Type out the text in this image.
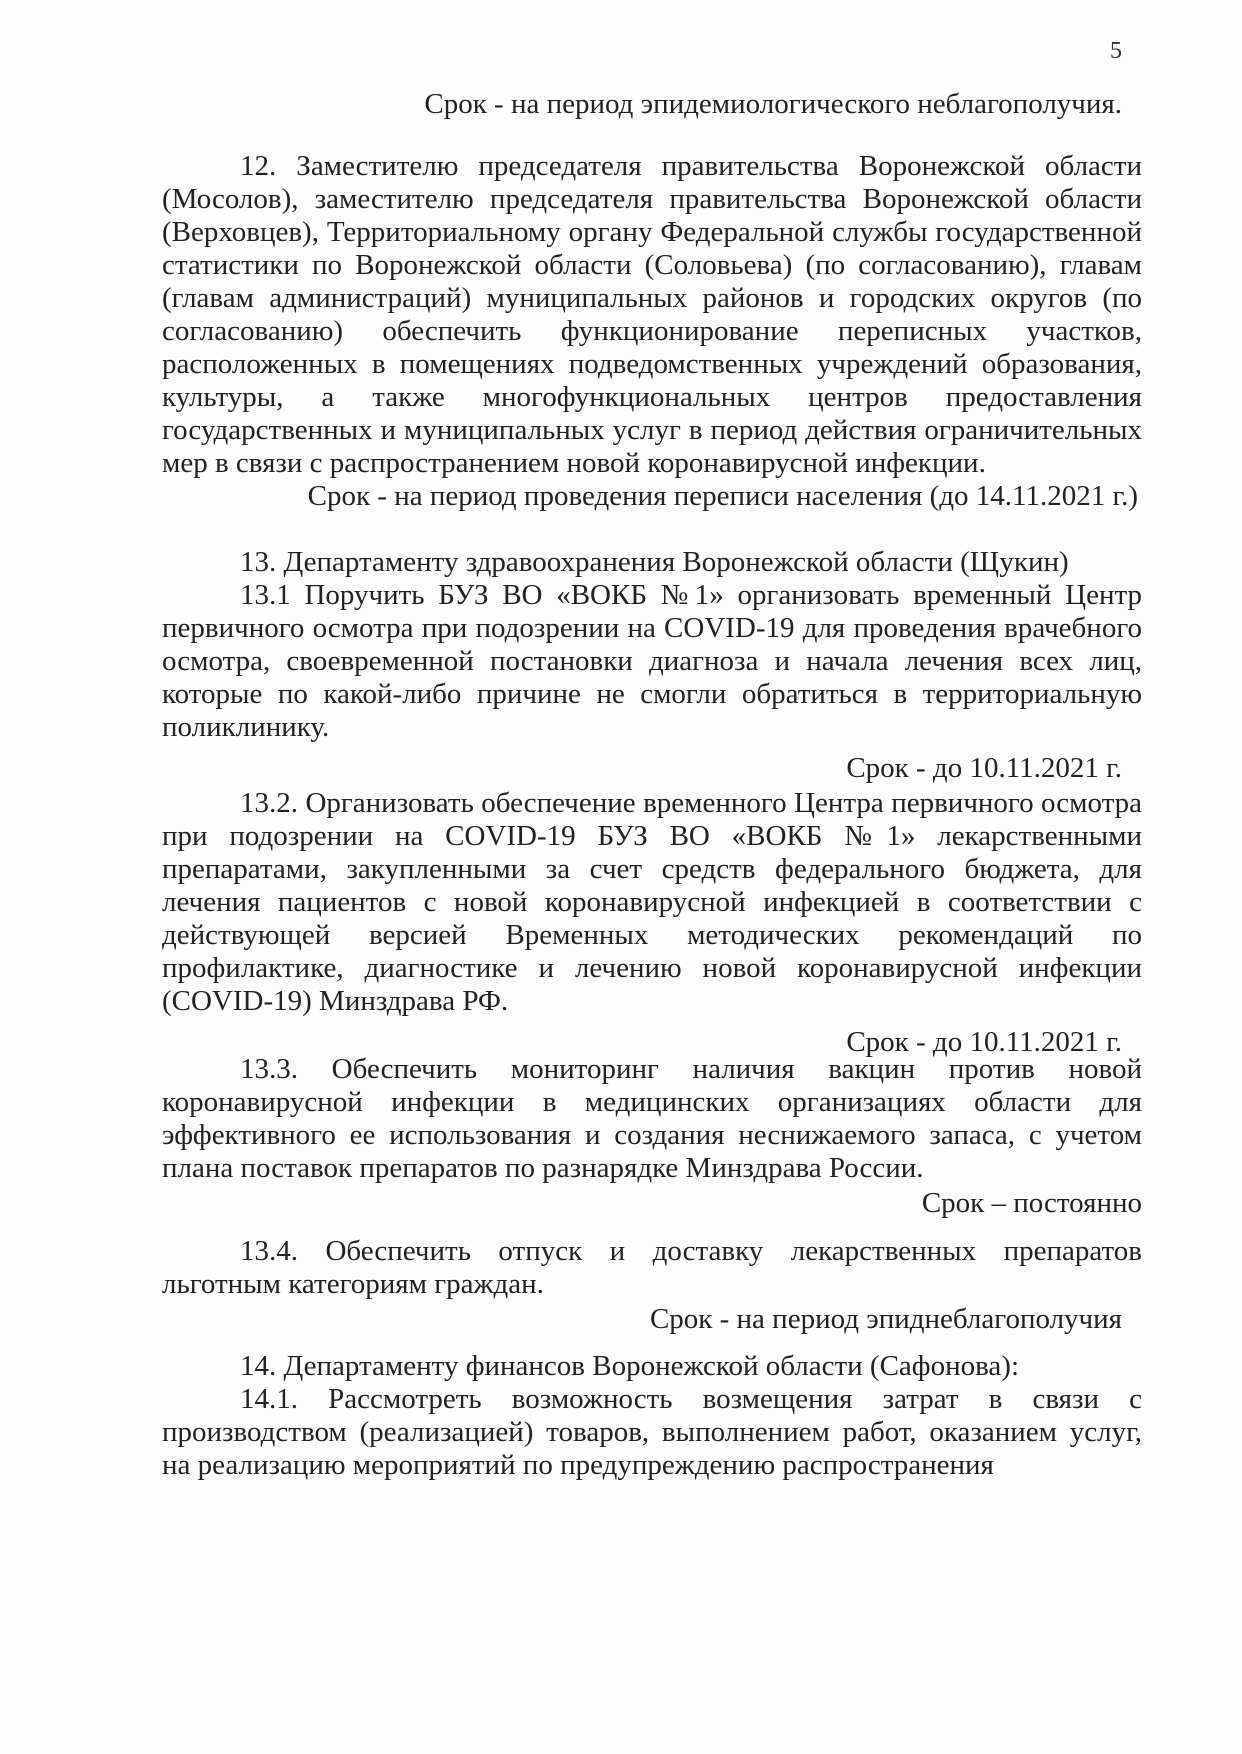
5

Срок - на период эпидемиологического неблагополучия.

12. Заместителю председателя правительства Воронежской области (Мосолов), заместителю председателя правительства Воронежской области (Верховцев), Территориальному органу Федеральной службы государственной статистики по Воронежской области (Соловьева) (по согласованию), главам (главам администраций) муниципальных районов и городских округов (по согласованию) обеспечить функционирование переписных участков, расположенных в помещениях подведомственных учреждений образования, культуры, а также многофункциональных центров предоставления государственных и муниципальных услуг в период действия ограничительных мер в связи с распространением новой коронавирусной инфекции.

Срок - на период проведения переписи населения (до 14.11.2021 г.)

13. Департаменту здравоохранения Воронежской области (Щукин)

13.1 Поручить БУЗ ВО «ВОКБ №1» организовать временный Центр первичного осмотра при подозрении на COVID-19 для проведения врачебного осмотра, своевременной постановки диагноза и начала лечения всех лиц, которые по какой-либо причине не смогли обратиться в территориальную поликлинику.

Срок - до 10.11.2021 г.

13.2. Организовать обеспечение временного Центра первичного осмотра при подозрении на COVID-19 БУЗ ВО «ВОКБ №1» лекарственными препаратами, закупленными за счет средств федерального бюджета, для лечения пациентов с новой коронавирусной инфекцией в соответствии с действующей версией Временных методических рекомендаций по профилактике, диагностике и лечению новой коронавирусной инфекции (COVID-19) Минздрава РФ.

Срок - до 10.11.2021 г.

13.3. Обеспечить мониторинг наличия вакцин против новой коронавирусной инфекции в медицинских организациях области для эффективного ее использования и создания неснижаемого запаса, с учетом плана поставок препаратов по разнарядке Минздрава России.

Срок – постоянно

13.4. Обеспечить отпуск и доставку лекарственных препаратов льготным категориям граждан.

Срок - на период эпиднеблагополучия

14. Департаменту финансов Воронежской области (Сафонова):

14.1. Рассмотреть возможность возмещения затрат в связи с производством (реализацией) товаров, выполнением работ, оказанием услуг, на реализацию мероприятий по предупреждению распространения
